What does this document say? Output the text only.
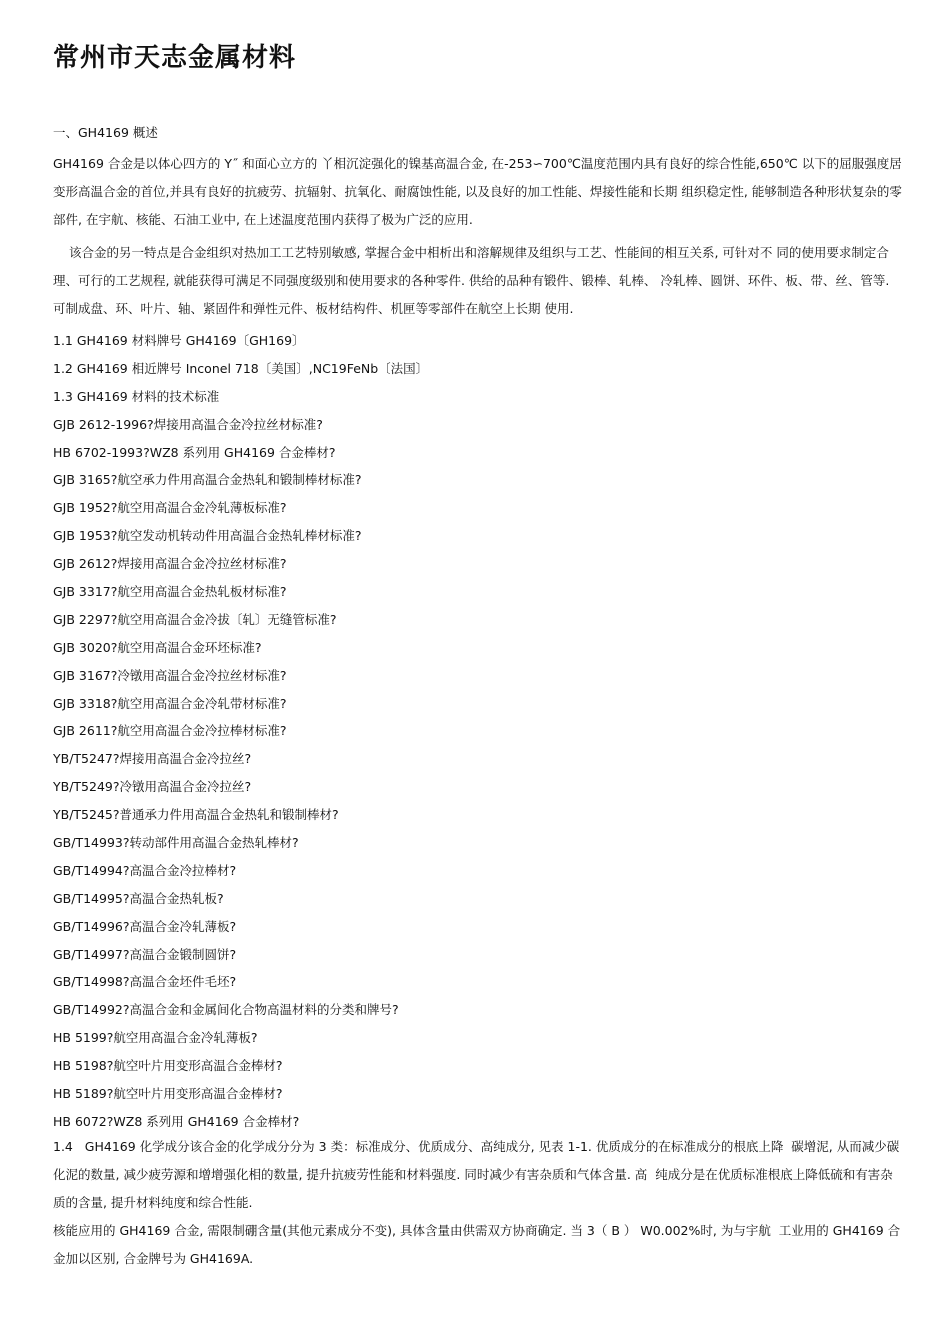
常州市天志金属材料
一、GH4169 概述

GH4169 合金是以体心四方的 Y˝ 和面心立方的 丫相沉淀强化的镍基高温合金, 在-253∽700℃温度范围内具有良好的综合性能,650℃ 以下的屈服强度居变形高温合金的首位,并具有良好的抗疲劳、抗辐射、抗氧化、耐腐蚀性能, 以及良好的加工性能、焊接性能和长期 组织稳定性, 能够制造各种形状复杂的零部件, 在宇航、核能、石油工业中, 在上述温度范围内获得了极为广泛的应用.

该合金的另一特点是合金组织对热加工工艺特别敏感, 掌握合金中相析出和溶解规律及组织与工艺、性能间的相互关系, 可针对不 同的使用要求制定合理、可行的工艺规程, 就能获得可满足不同强度级别和使用要求的各种零件. 供给的品种有锻件、锻棒、轧棒、 冷轧棒、圆饼、环件、板、带、丝、管等. 可制成盘、环、叶片、轴、紧固件和弹性元件、板材结构件、机匣等零部件在航空上长期 使用.

1.1 GH4169 材料牌号 GH4169〔GH169〕
1.2 GH4169 相近牌号 Inconel 718〔美国〕,NC19FeNb〔法国〕
1.3 GH4169 材料的技术标准
GJB 2612-1996?焊接用高温合金冷拉丝材标准?
HB 6702-1993?WZ8 系列用 GH4169 合金棒材?
GJB 3165?航空承力件用高温合金热轧和锻制棒材标准?
GJB 1952?航空用高温合金冷轧薄板标准?
GJB 1953?航空发动机转动件用高温合金热轧棒材标准?
GJB 2612?焊接用高温合金冷拉丝材标准?
GJB 3317?航空用高温合金热轧板材标准?
GJB 2297?航空用高温合金冷拔〔轧〕无缝管标准?
GJB 3020?航空用高温合金环坯标准?
GJB 3167?冷镦用高温合金冷拉丝材标准?
GJB 3318?航空用高温合金冷轧带材标准?
GJB 2611?航空用高温合金冷拉棒材标准?
YB/T5247?焊接用高温合金冷拉丝?
YB/T5249?冷镦用高温合金冷拉丝?
YB/T5245?普通承力件用高温合金热轧和锻制棒材?
GB/T14993?转动部件用高温合金热轧棒材?
GB/T14994?高温合金冷拉棒材?
GB/T14995?高温合金热轧板?
GB/T14996?高温合金冷轧薄板?
GB/T14997?高温合金锻制圆饼?
GB/T14998?高温合金坯件毛坯?
GB/T14992?高温合金和金属间化合物高温材料的分类和牌号?
HB 5199?航空用高温合金冷轧薄板?
HB 5198?航空叶片用变形高温合金棒材?
HB 5189?航空叶片用变形高温合金棒材?
HB 6072?WZ8 系列用 GH4169 合金棒材?

1.4   GH4169 化学成分该合金的化学成分分为 3 类：标准成分、优质成分、高纯成分, 见表 1-1. 优质成分的在标准成分的根底上降  碳增泥, 从而减少碳化泥的数量, 减少疲劳源和增增强化相的数量, 提升抗疲劳性能和材料强度. 同时减少有害杂质和气体含量. 高  纯成分是在优质标准根底上降低硫和有害杂质的含量, 提升材料纯度和综合性能.

核能应用的 GH4169 合金, 需限制硼含量(其他元素成分不变), 具体含量由供需双方协商确定. 当 3（ B ） W0.002%时, 为与宇航  工业用的 GH4169 合金加以区别, 合金牌号为 GH4169A.
